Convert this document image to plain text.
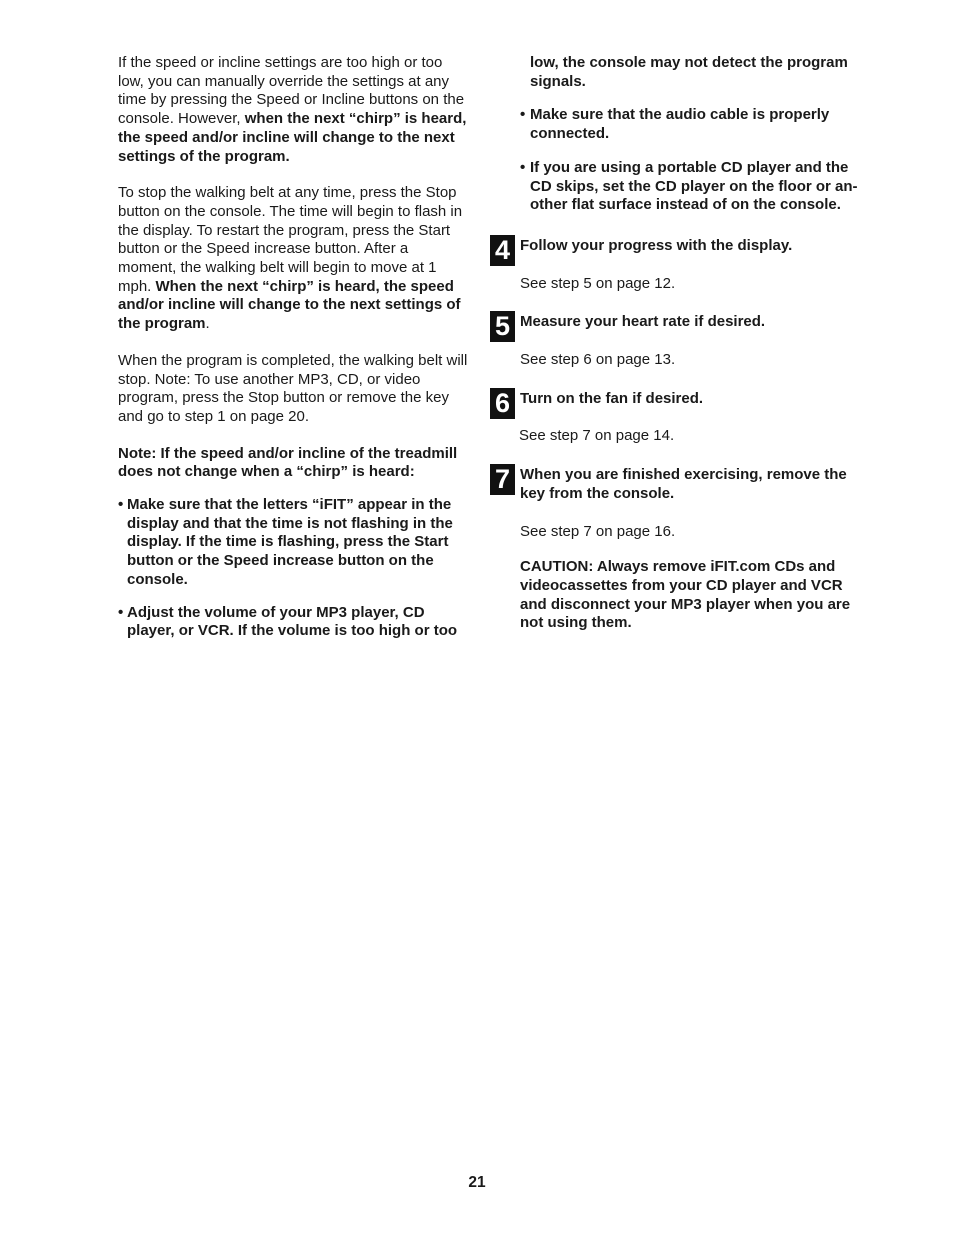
If the speed or incline settings are too high or too low, you can manually override the settings at any time by pressing the Speed or Incline buttons on the console. However, when the next “chirp” is heard, the speed and/or incline will change to the next settings of the program.

To stop the walking belt at any time, press the Stop button on the console. The time will begin to flash in the display. To restart the program, press the Start button or the Speed increase button. After a moment, the walking belt will begin to move at 1 mph. When the next “chirp” is heard, the speed and/or incline will change to the next settings of the program.

When the program is completed, the walking belt will stop. Note: To use another MP3, CD, or video program, press the Stop button or remove the key and go to step 1 on page 20.

Note: If the speed and/or incline of the treadmill does not change when a “chirp” is heard:

• Make sure that the letters “iFIT” appear in the display and that the time is not flashing in the display. If the time is flashing, press the Start button or the Speed increase button on the console.
• Adjust the volume of your MP3 player, CD player, or VCR. If the volume is too high or too

low, the console may not detect the program signals.

• Make sure that the audio cable is properly connected.
• If you are using a portable CD player and the CD skips, set the CD player on the floor or an-other flat surface instead of on the console.
4 Follow your progress with the display.

See step 5 on page 12.

5 Measure your heart rate if desired.

See step 6 on page 13.

6 Turn on the fan if desired.

See step 7 on page 14.

7 When you are finished exercising, remove the key from the console.

See step 7 on page 16.

CAUTION: Always remove iFIT.com CDs and videocassettes from your CD player and VCR and disconnect your MP3 player when you are not using them.

21
